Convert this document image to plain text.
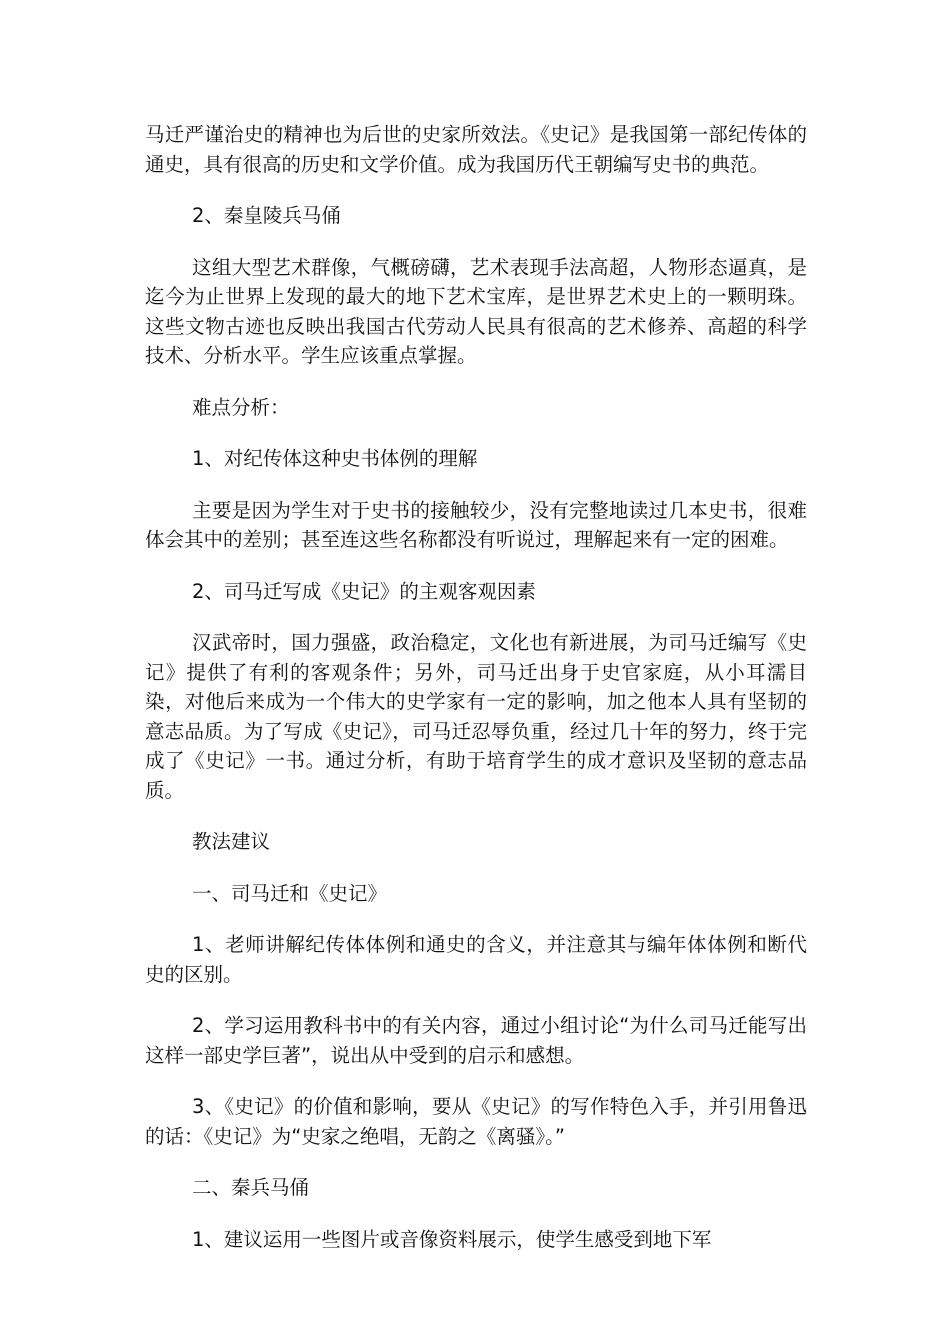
马迁严谨治史的精神也为后世的史家所效法。《史记》是我国第一部纪传体的通史，具有很高的历史和文学价值。成为我国历代王朝编写史书的典范。

2、秦皇陵兵马俑

这组大型艺术群像，气概磅礴，艺术表现手法高超，人物形态逼真，是迄今为止世界上发现的最大的地下艺术宝库，是世界艺术史上的一颗明珠。这些文物古迹也反映出我国古代劳动人民具有很高的艺术修养、高超的科学技术、分析水平。学生应该重点掌握。

难点分析：

1、对纪传体这种史书体例的理解

主要是因为学生对于史书的接触较少，没有完整地读过几本史书，很难体会其中的差别；甚至连这些名称都没有听说过，理解起来有一定的困难。

2、司马迁写成《史记》的主观客观因素

汉武帝时，国力强盛，政治稳定，文化也有新进展，为司马迁编写《史记》提供了有利的客观条件；另外，司马迁出身于史官家庭，从小耳濡目染，对他后来成为一个伟大的史学家有一定的影响，加之他本人具有坚韧的意志品质。为了写成《史记》，司马迁忍辱负重，经过几十年的努力，终于完成了《史记》一书。通过分析，有助于培育学生的成才意识及坚韧的意志品质。

教法建议

一、司马迁和《史记》

1、老师讲解纪传体体例和通史的含义，并注意其与编年体体例和断代史的区别。

2、学习运用教科书中的有关内容，通过小组讨论“为什么司马迁能写出这样一部史学巨著”，说出从中受到的启示和感想。

3、《史记》的价值和影响，要从《史记》的写作特色入手，并引用鲁迅的话：《史记》为“史家之绝唱，无韵之《离骚》。”

二、秦兵马俑

1、建议运用一些图片或音像资料展示，使学生感受到地下军
